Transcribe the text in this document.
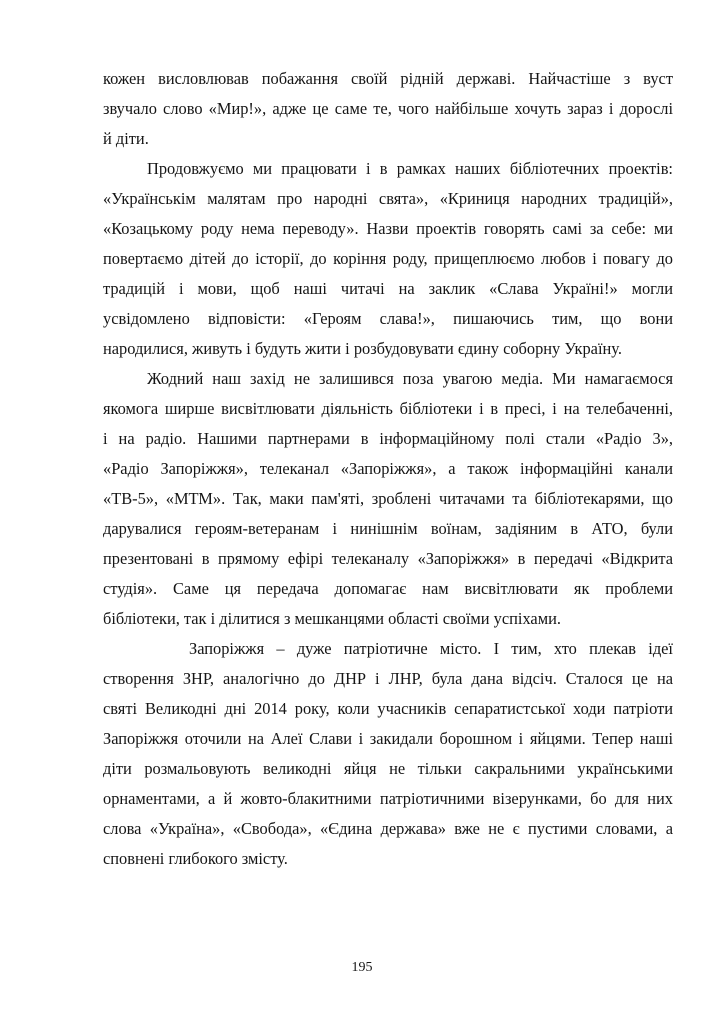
кожен висловлював побажання своїй рідній державі. Найчастіше з вуст
звучало слово «Мир!», адже це саме те, чого найбільше хочуть зараз і дорослі
й діти.
Продовжуємо ми працювати і в рамках наших бібліотечних проектів:
«Українськім малятам про народні свята», «Криниця народних традицій»,
«Козацькому роду нема переводу». Назви проектів говорять самі за себе: ми
повертаємо дітей до історії, до коріння роду, прищеплюємо любов і повагу до
традицій і мови, щоб наші читачі на заклик «Слава Україні!» могли
усвідомлено відповісти: «Героям слава!», пишаючись тим, що вони
народилися, живуть і будуть жити і розбудовувати єдину соборну Україну.
Жодний наш захід не залишився поза увагою медіа. Ми намагаємося
якомога ширше висвітлювати діяльність бібліотеки і в пресі, і на телебаченні,
і на радіо. Нашими партнерами в інформаційному полі стали «Радіо 3»,
«Радіо Запоріжжя», телеканал «Запоріжжя», а також інформаційні канали
«ТВ-5», «МТМ». Так, маки пам'яті, зроблені читачами та бібліотекарями, що
дарувалися героям-ветеранам і нинішнім воїнам, задіяним в АТО, були
презентовані в прямому ефірі телеканалу «Запоріжжя» в передачі «Відкрита
студія». Саме ця передача допомагає нам висвітлювати як проблеми
бібліотеки, так і ділитися з мешканцями області своїми успіхами.
Запоріжжя – дуже патріотичне місто. І тим, хто плекав ідеї
створення ЗНР, аналогічно до ДНР і ЛНР, була дана відсіч. Сталося це на
святі Великодні дні 2014 року, коли учасників сепаратистської ходи патріоти
Запоріжжя оточили на Алеї Слави і закидали борошном і яйцями. Тепер наші
діти розмальовують великодні яйця не тільки сакральними українськими
орнаментами, а й жовто-блакитними патріотичними візерунками, бо для них
слова «Україна», «Свобода», «Єдина держава» вже не є пустими словами, а
сповнені глибокого змісту.
195
